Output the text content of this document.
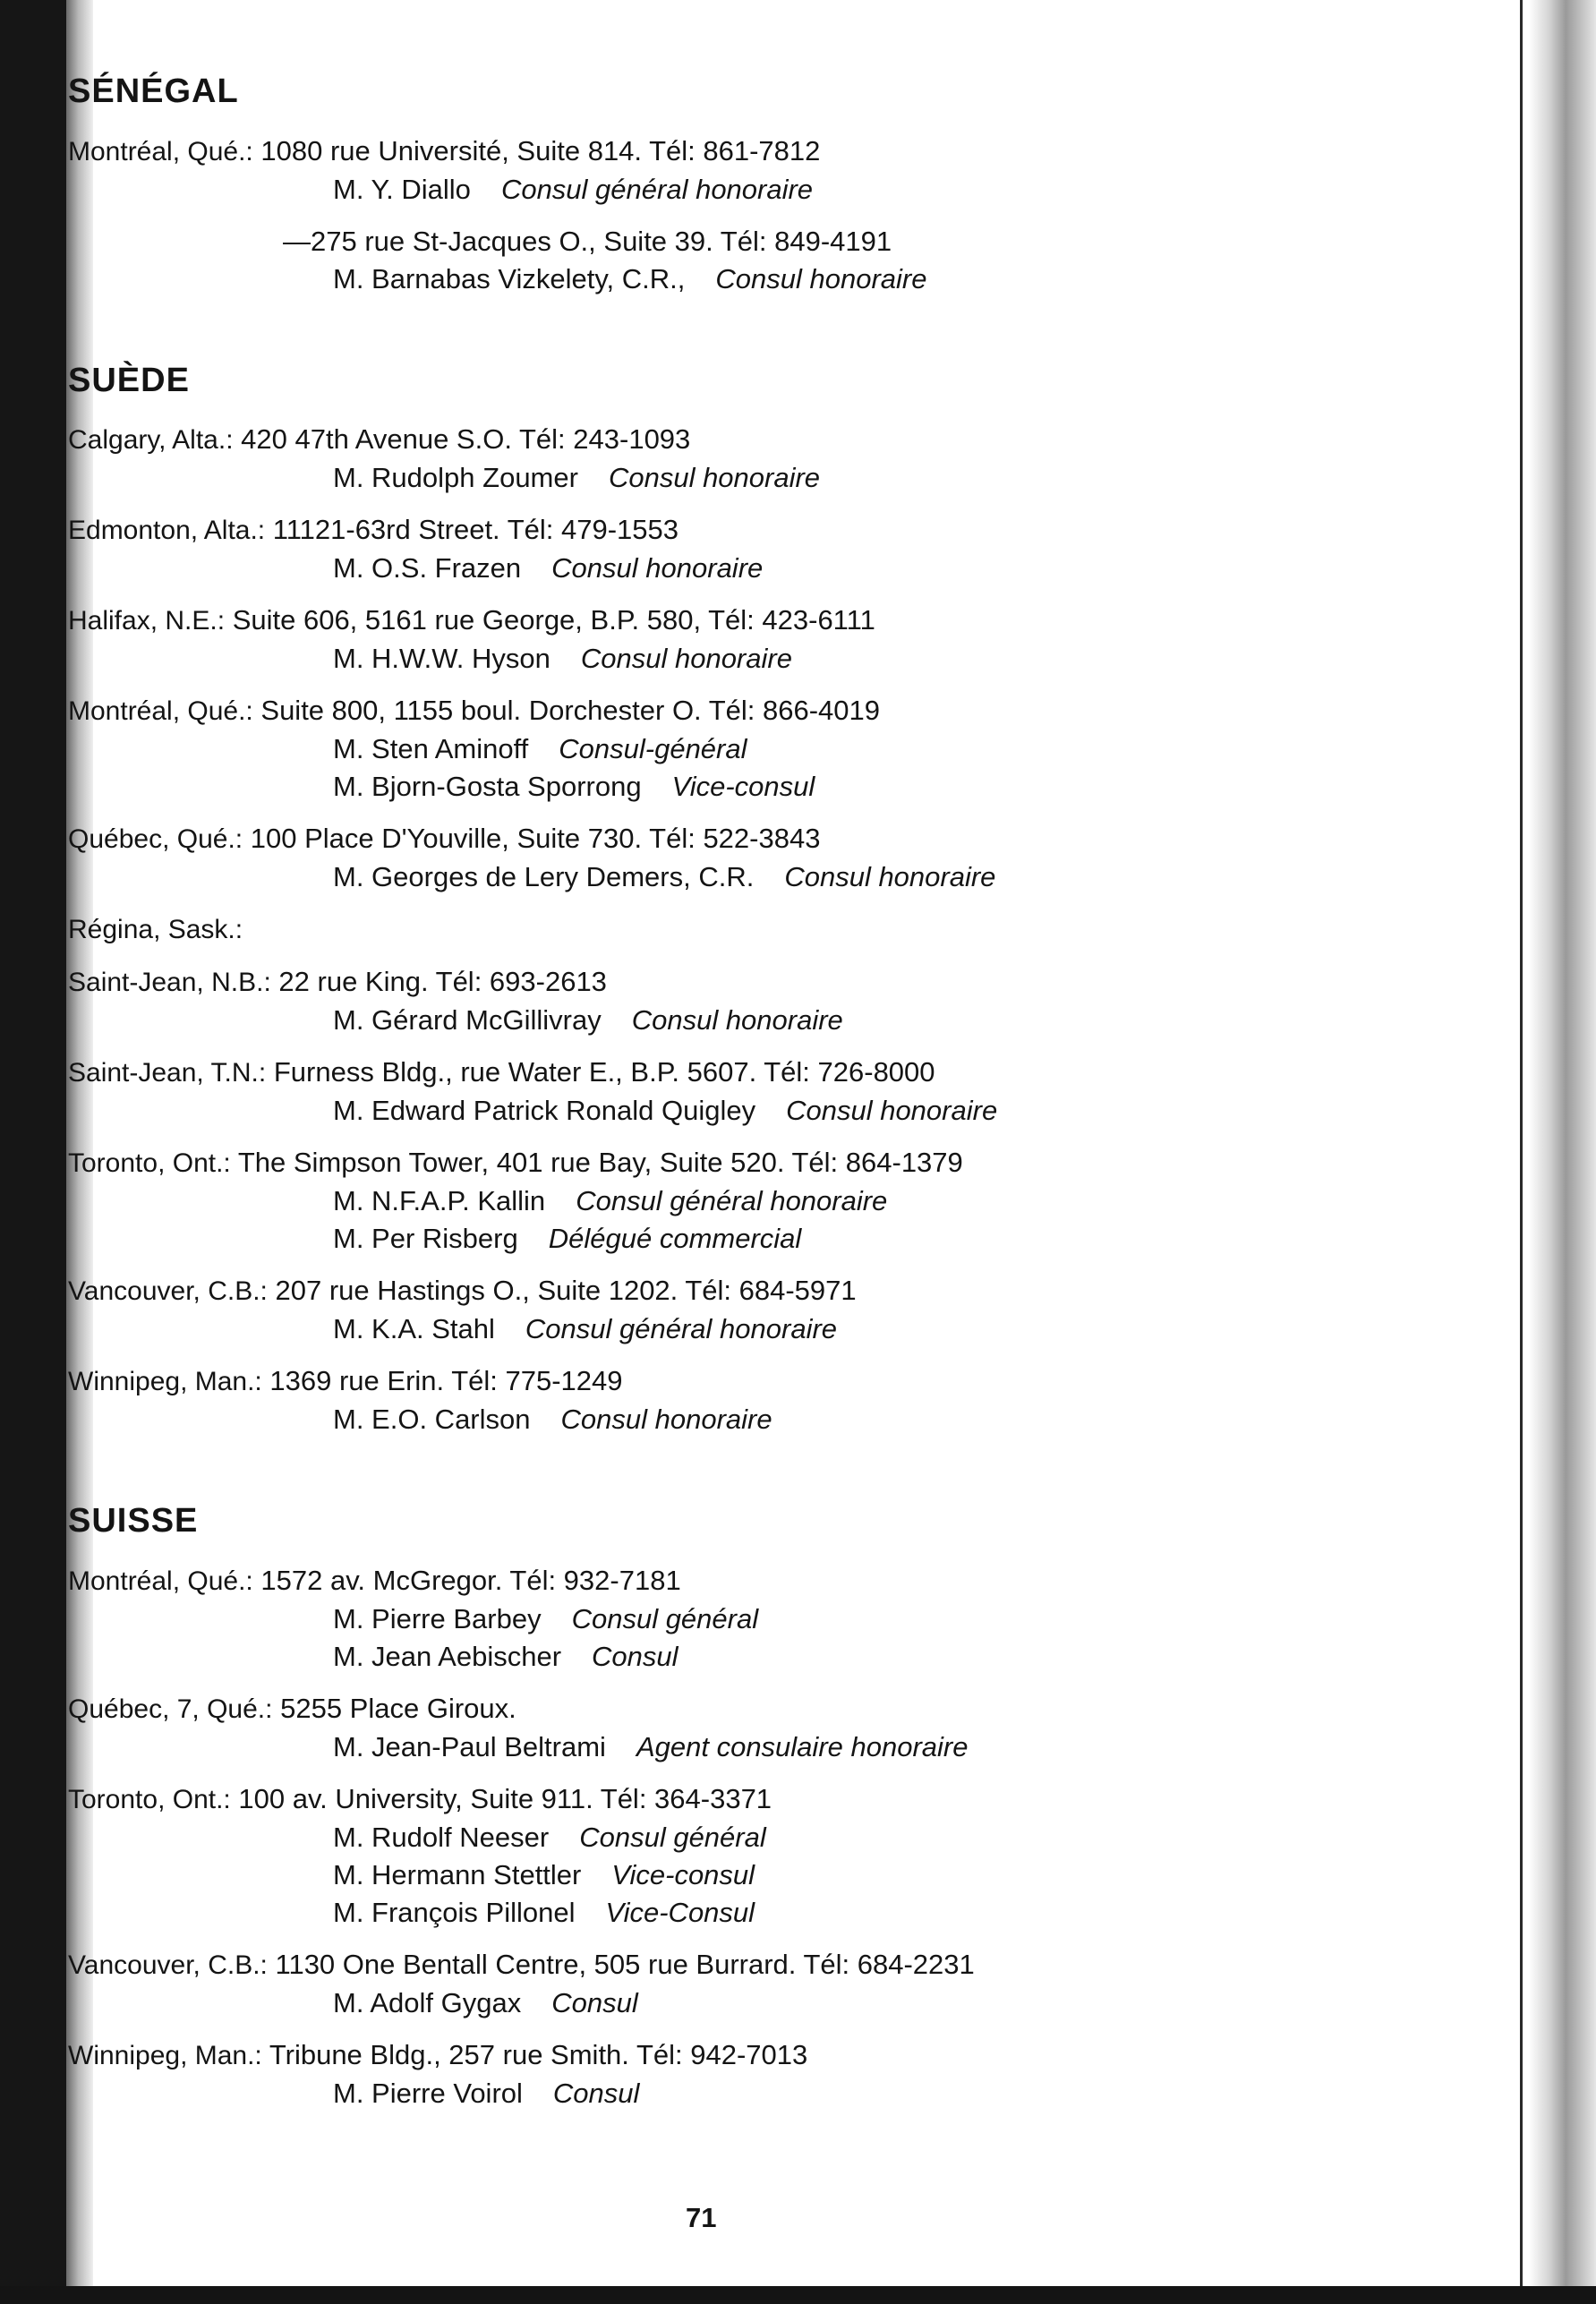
SÉNÉGAL
Montréal, Qué.: 1080 rue Université, Suite 814. Tél: 861-7812
M. Y. Diallo Consul général honoraire
—275 rue St-Jacques O., Suite 39. Tél: 849-4191
M. Barnabas Vizkelety, C.R., Consul honoraire
SUÈDE
Calgary, Alta.: 420 47th Avenue S.O. Tél: 243-1093
M. Rudolph Zoumer Consul honoraire
Edmonton, Alta.: 11121-63rd Street. Tél: 479-1553
M. O.S. Frazen Consul honoraire
Halifax, N.E.: Suite 606, 5161 rue George, B.P. 580, Tél: 423-6111
M. H.W.W. Hyson Consul honoraire
Montréal, Qué.: Suite 800, 1155 boul. Dorchester O. Tél: 866-4019
M. Sten Aminoff Consul-général
M. Bjorn-Gosta Sporrong Vice-consul
Québec, Qué.: 100 Place D'Youville, Suite 730. Tél: 522-3843
M. Georges de Lery Demers, C.R. Consul honoraire
Régina, Sask.:
Saint-Jean, N.B.: 22 rue King. Tél: 693-2613
M. Gérard McGillivray Consul honoraire
Saint-Jean, T.N.: Furness Bldg., rue Water E., B.P. 5607. Tél: 726-8000
M. Edward Patrick Ronald Quigley Consul honoraire
Toronto, Ont.: The Simpson Tower, 401 rue Bay, Suite 520. Tél: 864-1379
M. N.F.A.P. Kallin Consul général honoraire
M. Per Risberg Délégué commercial
Vancouver, C.B.: 207 rue Hastings O., Suite 1202. Tél: 684-5971
M. K.A. Stahl Consul général honoraire
Winnipeg, Man.: 1369 rue Erin. Tél: 775-1249
M. E.O. Carlson Consul honoraire
SUISSE
Montréal, Qué.: 1572 av. McGregor. Tél: 932-7181
M. Pierre Barbey Consul général
M. Jean Aebischer Consul
Québec, 7, Qué.: 5255 Place Giroux.
M. Jean-Paul Beltrami Agent consulaire honoraire
Toronto, Ont.: 100 av. University, Suite 911. Tél: 364-3371
M. Rudolf Neeser Consul général
M. Hermann Stettler Vice-consul
M. François Pillonel Vice-Consul
Vancouver, C.B.: 1130 One Bentall Centre, 505 rue Burrard. Tél: 684-2231
M. Adolf Gygax Consul
Winnipeg, Man.: Tribune Bldg., 257 rue Smith. Tél: 942-7013
M. Pierre Voirol Consul
71
